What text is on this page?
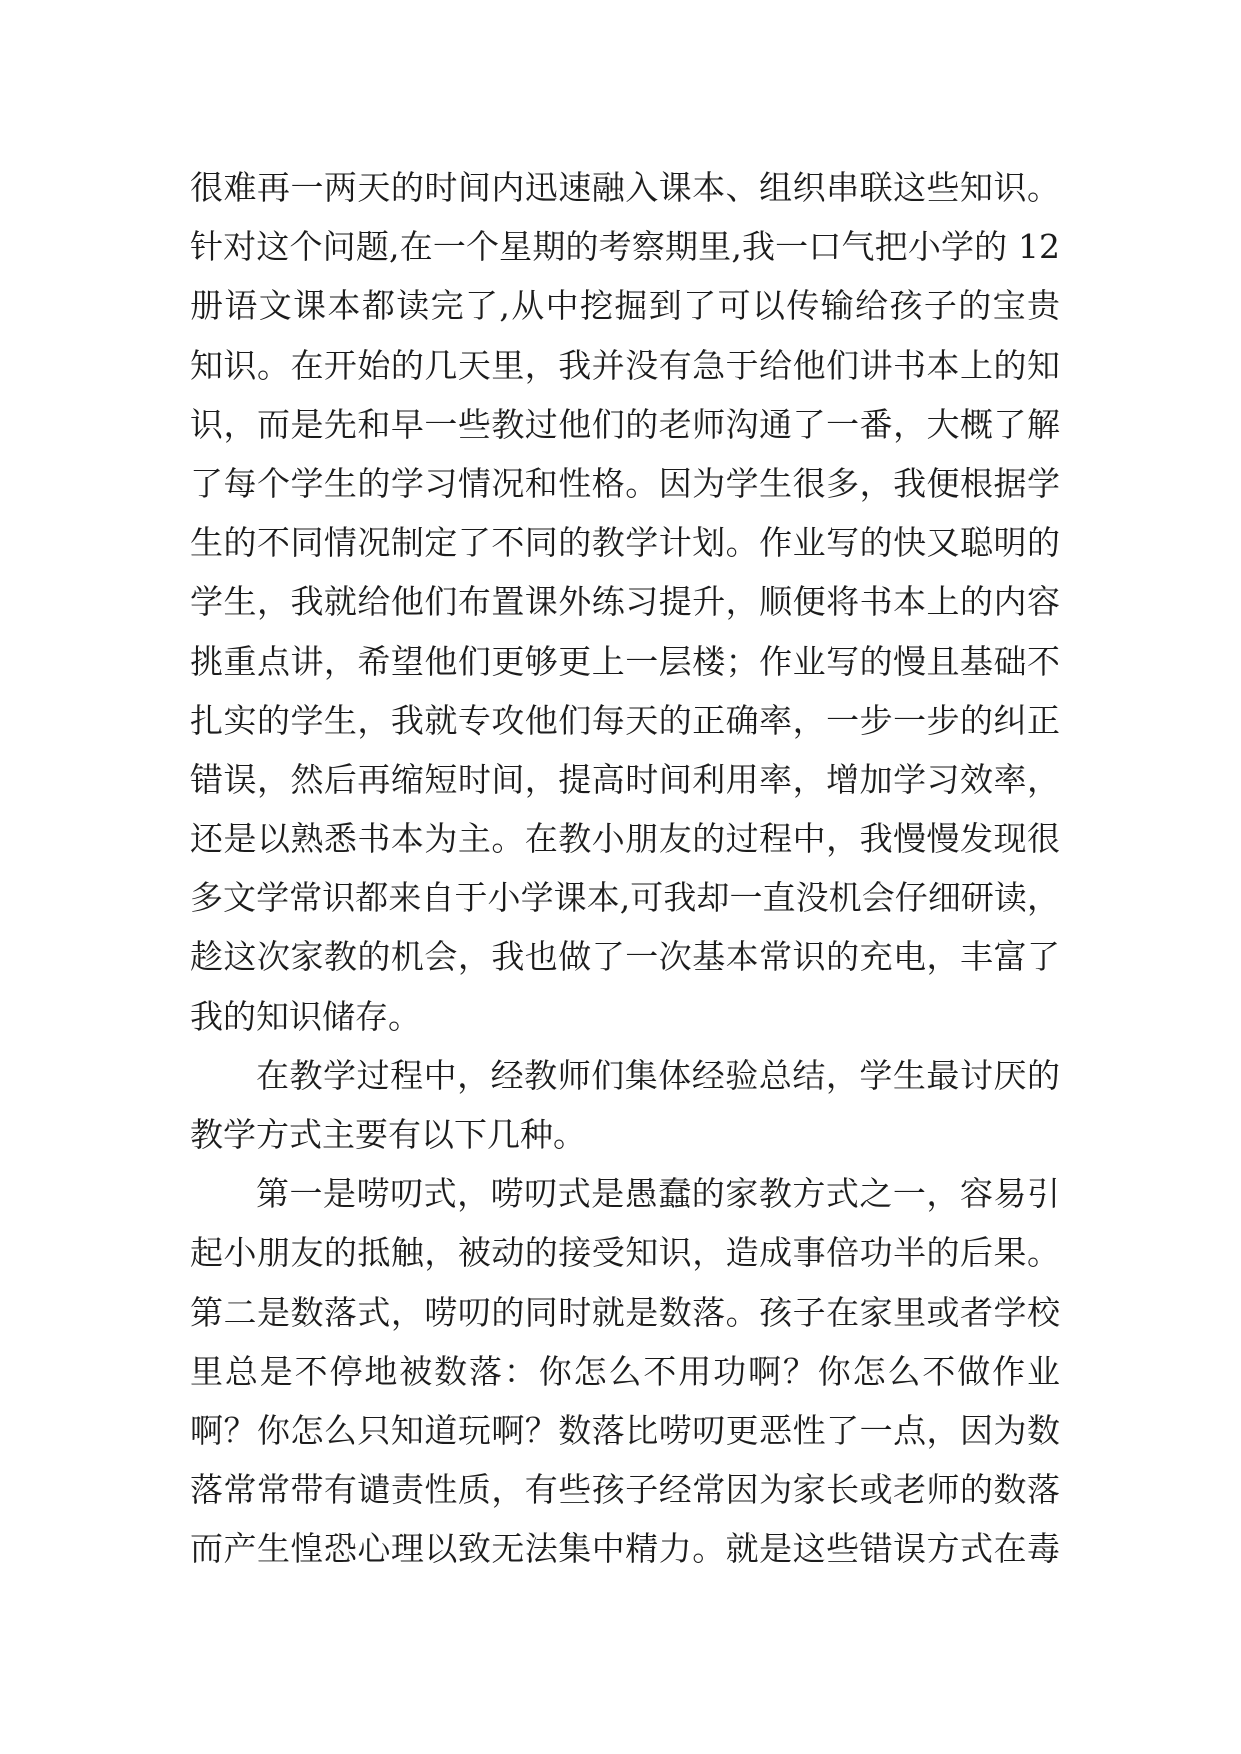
很难再一两天的时间内迅速融入课本、组织串联这些知识。
针对这个问题,在一个星期的考察期里,我一口气把小学的 12
册语文课本都读完了,从中挖掘到了可以传输给孩子的宝贵
知识。在开始的几天里，我并没有急于给他们讲书本上的知
识，而是先和早一些教过他们的老师沟通了一番，大概了解
了每个学生的学习情况和性格。因为学生很多，我便根据学
生的不同情况制定了不同的教学计划。作业写的快又聪明的
学生，我就给他们布置课外练习提升，顺便将书本上的内容
挑重点讲，希望他们更够更上一层楼；作业写的慢且基础不
扎实的学生，我就专攻他们每天的正确率，一步一步的纠正
错误，然后再缩短时间，提高时间利用率，增加学习效率，
还是以熟悉书本为主。在教小朋友的过程中，我慢慢发现很
多文学常识都来自于小学课本,可我却一直没机会仔细研读，
趁这次家教的机会，我也做了一次基本常识的充电，丰富了
我的知识储存。
在教学过程中，经教师们集体经验总结，学生最讨厌的
教学方式主要有以下几种。
第一是唠叨式，唠叨式是愚蠢的家教方式之一，容易引
起小朋友的抵触，被动的接受知识，造成事倍功半的后果。
第二是数落式，唠叨的同时就是数落。孩子在家里或者学校
里总是不停地被数落：你怎么不用功啊？你怎么不做作业
啊？你怎么只知道玩啊？数落比唠叨更恶性了一点，因为数
落常常带有谴责性质，有些孩子经常因为家长或老师的数落
而产生惶恐心理以致无法集中精力。就是这些错误方式在毒
